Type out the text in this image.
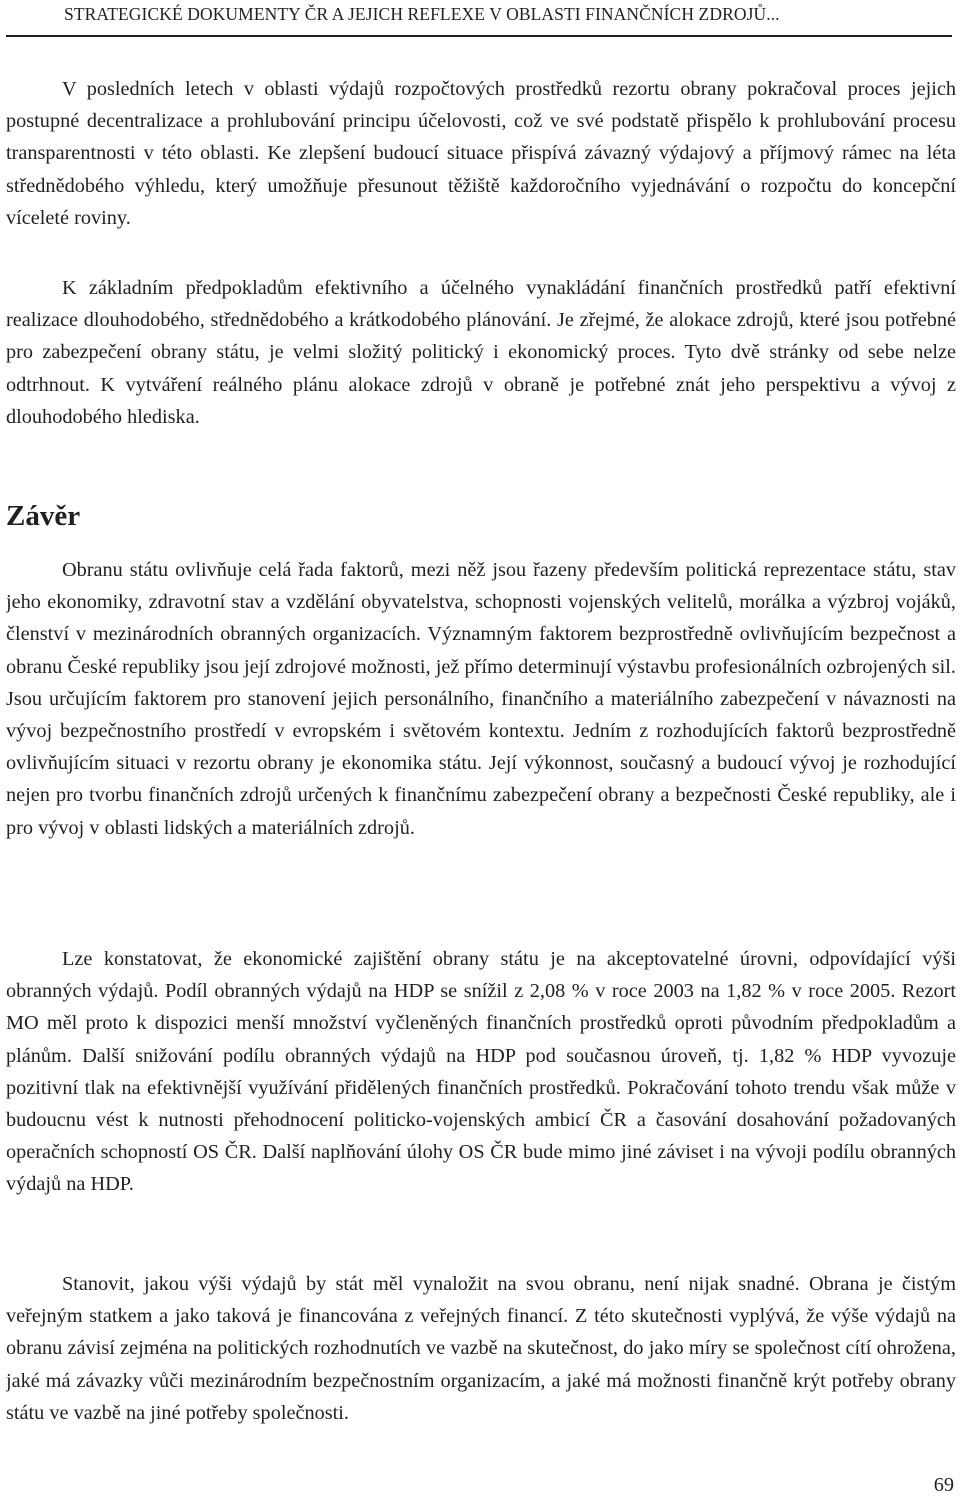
STRATEGICKÉ DOKUMENTY ČR A JEJICH REFLEXE V OBLASTI FINANČNÍCH ZDROJŮ...

V posledních letech v oblasti výdajů rozpočtových prostředků rezortu obrany pokračoval proces jejich postupné decentralizace a prohlubování principu účelovosti, což ve své podstatě přispělo k prohlubování procesu transparentnosti v této oblasti. Ke zlepšení budoucí situace přispívá závazný výdajový a příjmový rámec na léta střednědobého výhledu, který umožňuje přesunout těžiště každoročního vyjednávání o rozpočtu do koncepční víceleté roviny.

K základním předpokladům efektivního a účelného vynakládání finančních prostředků patří efektivní realizace dlouhodobého, střednědobého a krátkodobého plánování. Je zřejmé, že alokace zdrojů, které jsou potřebné pro zabezpečení obrany státu, je velmi složitý politický i ekonomický proces. Tyto dvě stránky od sebe nelze odtrhnout. K vytváření reálného plánu alokace zdrojů v obraně je potřebné znát jeho perspektivu a vývoj z dlouhodobého hlediska.

Závěr

Obranu státu ovlivňuje celá řada faktorů, mezi něž jsou řazeny především politická reprezentace státu, stav jeho ekonomiky, zdravotní stav a vzdělání obyvatelstva, schopnosti vojenských velitelů, morálka a výzbroj vojáků, členství v mezinárodních obranných organizacích. Významným faktorem bezprostředně ovlivňujícím bezpečnost a obranu České republiky jsou její zdrojové možnosti, jež přímo determinují výstavbu profesionálních ozbrojených sil. Jsou určujícím faktorem pro stanovení jejich personálního, finančního a materiálního zabezpečení v návaznosti na vývoj bezpečnostního prostředí v evropském i světovém kontextu. Jedním z rozhodujících faktorů bezprostředně ovlivňujícím situaci v rezortu obrany je ekonomika státu. Její výkonnost, současný a budoucí vývoj je rozhodující nejen pro tvorbu finančních zdrojů určených k finančnímu zabezpečení obrany a bezpečnosti České republiky, ale i pro vývoj v oblasti lidských a materiálních zdrojů.

Lze konstatovat, že ekonomické zajištění obrany státu je na akceptovatelné úrovni, odpovídající výši obranných výdajů. Podíl obranných výdajů na HDP se snížil z 2,08 % v roce 2003 na 1,82 % v roce 2005. Rezort MO měl proto k dispozici menší množství vyčleněných finančních prostředků oproti původním předpokladům a plánům. Další snižování podílu obranných výdajů na HDP pod současnou úroveň, tj. 1,82 % HDP vyvozuje pozitivní tlak na efektivnější využívání přidělených finančních prostředků. Pokračování tohoto trendu však může v budoucnu vést k nutnosti přehodnocení politicko-vojenských ambicí ČR a časování dosahování požadovaných operačních schopností OS ČR. Další naplňování úlohy OS ČR bude mimo jiné záviset i na vývoji podílu obranných výdajů na HDP.

Stanovit, jakou výši výdajů by stát měl vynaložit na svou obranu, není nijak snadné. Obrana je čistým veřejným statkem a jako taková je financována z veřejných financí. Z této skutečnosti vyplývá, že výše výdajů na obranu závisí zejména na politických rozhodnutích ve vazbě na skutečnost, do jako míry se společnost cítí ohrožena, jaké má závazky vůči mezinárodním bezpečnostním organizacím, a jaké má možnosti finančně krýt potřeby obrany státu ve vazbě na jiné potřeby společnosti.

69
